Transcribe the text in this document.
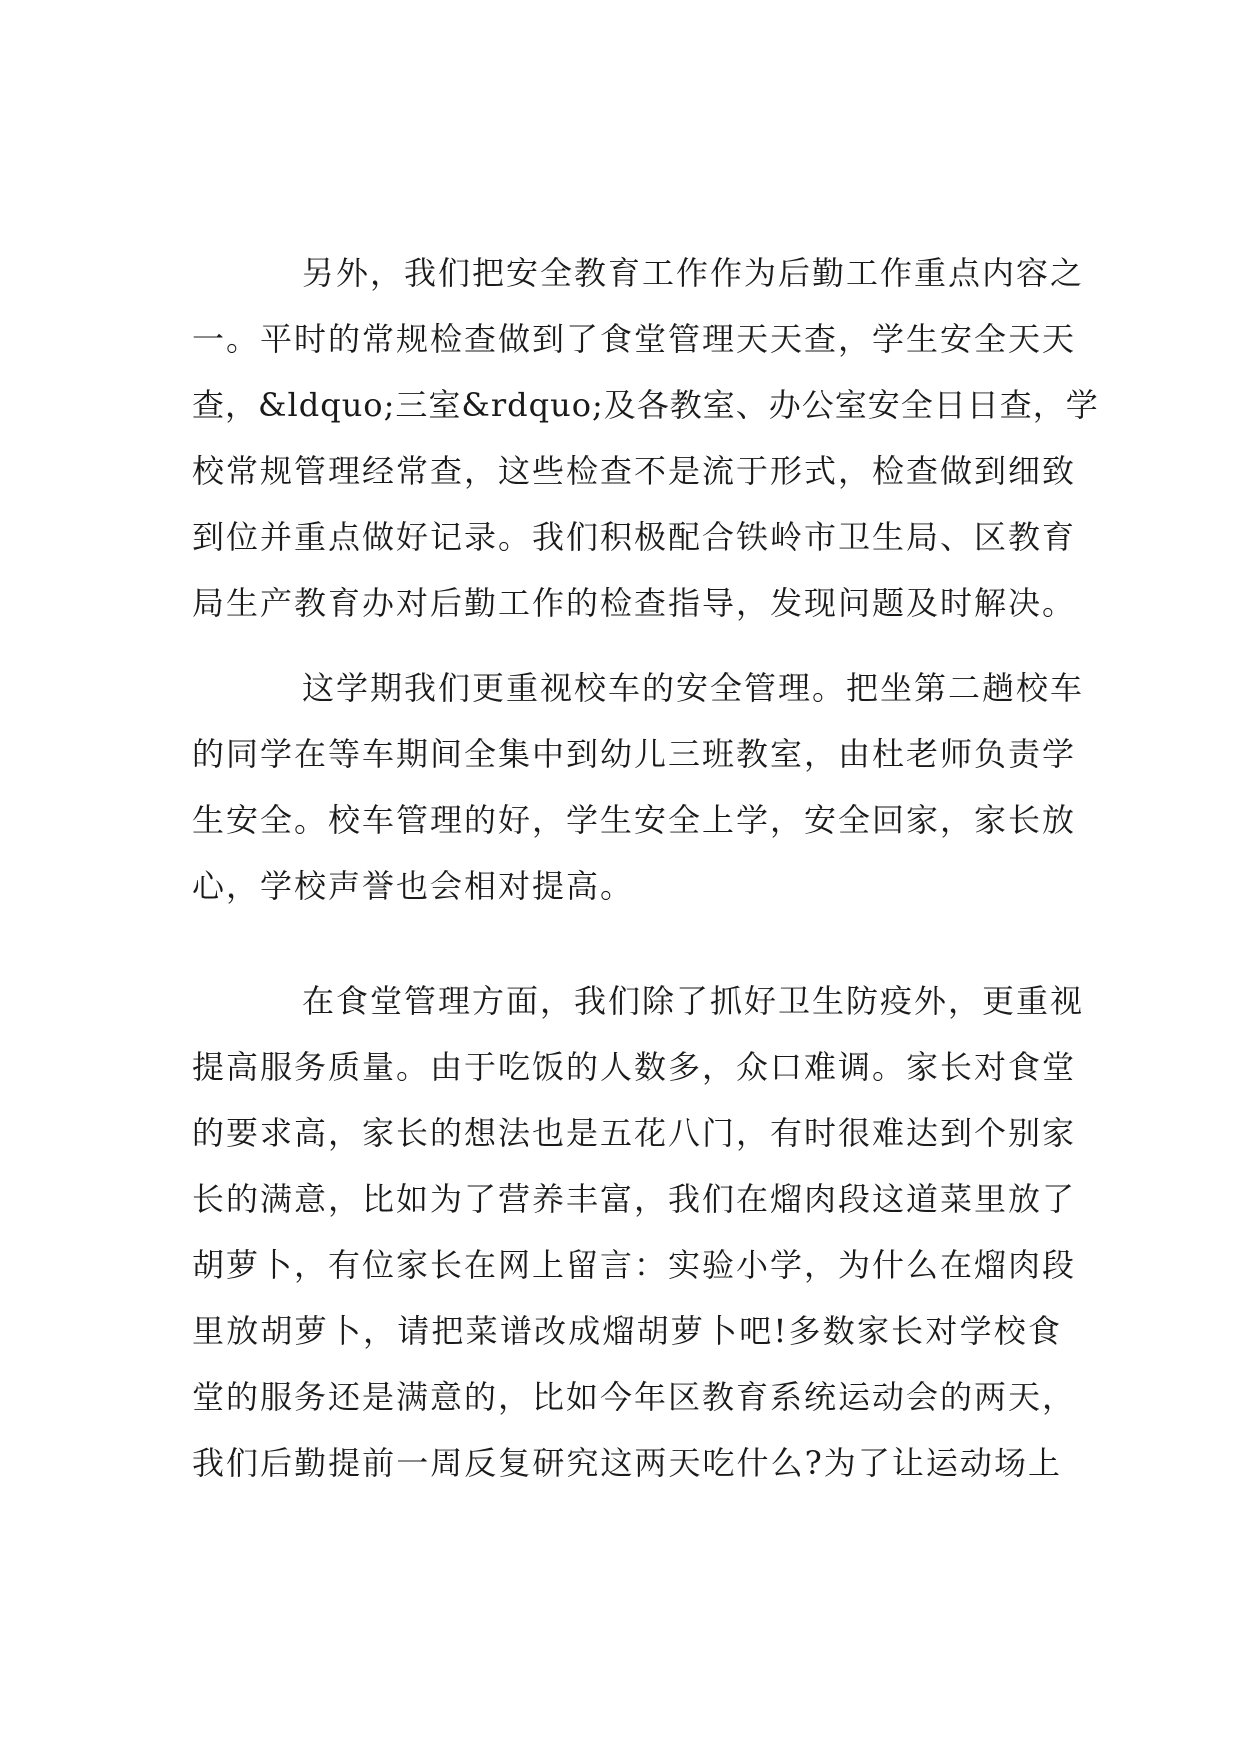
另外，我们把安全教育工作作为后勤工作重点内容之
一。平时的常规检查做到了食堂管理天天查，学生安全天天
查，&ldquo;三室&rdquo;及各教室、办公室安全日日查，学
校常规管理经常查，这些检查不是流于形式，检查做到细致
到位并重点做好记录。我们积极配合铁岭市卫生局、区教育
局生产教育办对后勤工作的检查指导，发现问题及时解决。
这学期我们更重视校车的安全管理。把坐第二趟校车
的同学在等车期间全集中到幼儿三班教室，由杜老师负责学
生安全。校车管理的好，学生安全上学，安全回家，家长放
心，学校声誉也会相对提高。
在食堂管理方面，我们除了抓好卫生防疫外，更重视
提高服务质量。由于吃饭的人数多，众口难调。家长对食堂
的要求高，家长的想法也是五花八门，有时很难达到个别家
长的满意，比如为了营养丰富，我们在熘肉段这道菜里放了
胡萝卜，有位家长在网上留言：实验小学，为什么在熘肉段
里放胡萝卜，请把菜谱改成熘胡萝卜吧!多数家长对学校食
堂的服务还是满意的，比如今年区教育系统运动会的两天，
我们后勤提前一周反复研究这两天吃什么?为了让运动场上
